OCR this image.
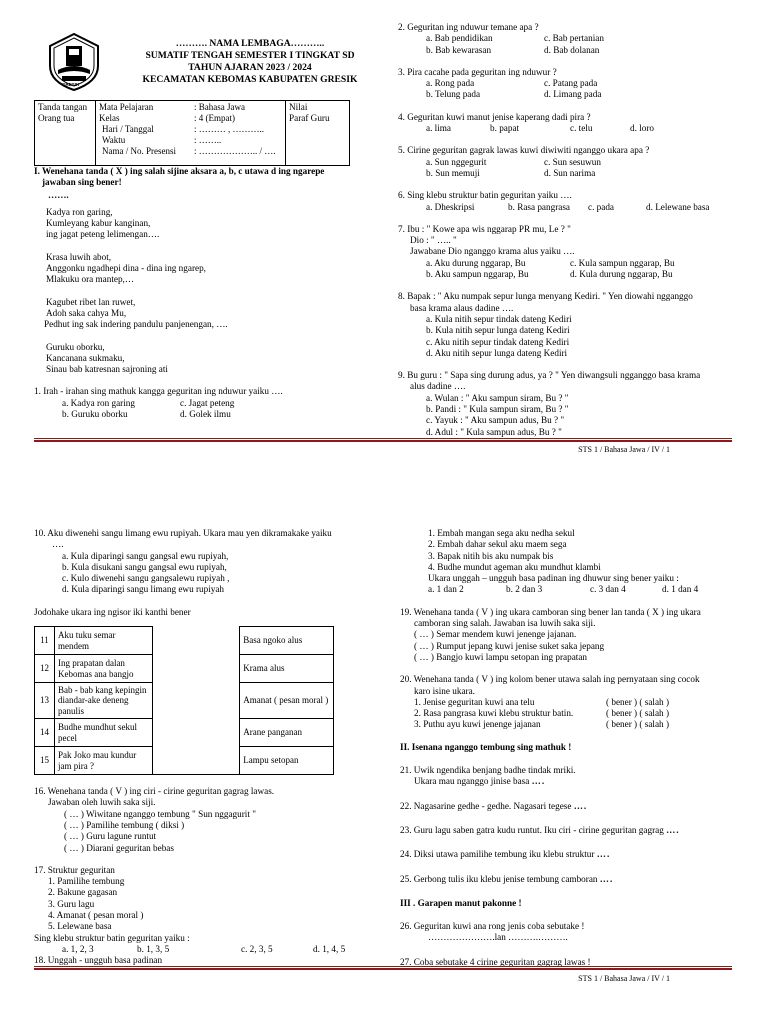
GRESIK
………. NAMA LEMBAGA………..
SUMATIF TENGAH SEMESTER I TINGKAT SD
TAHUN AJARAN 2023 / 2024
KECAMATAN KEBOMAS KABUPATEN GRESIK
Tanda tangan
Orang tua
Mata Pelajaran	: Bahasa Jawa
Kelas	: 4 (Empat)
Hari / Tanggal	: ……… , ………..
Waktu	: ……..
Nama / No. Presensi	: ……………….. / ….
Nilai
Paraf Guru
I. Wenehana tanda ( X ) ing salah sijine aksara a, b, c utawa d ing ngarepe
jawaban sing bener!
…….
Kadya ron garing,
Kumleyang kabur kanginan,
ing jagat peteng lelimengan….
Krasa luwih abot,
Anggonku ngadhepi dina - dina ing ngarep,
Mlakuku ora mantep,…
Kagubet ribet lan ruwet,
Adoh saka cahya Mu,
Pedhut ing sak indering pandulu panjenengan, ….
Guruku oborku,
Kancanana sukmaku,
Sinau bab katresnan sajroning ati
1. Irah - irahan sing mathuk kangga geguritan ing nduwur yaiku ….
a. Kadya ron garing	c. Jagat peteng
b. Guruku oborku	d. Golek ilmu
2. Geguritan ing nduwur temane apa ?
a. Bab pendidikan	c. Bab pertanian
b. Bab kewarasan	d. Bab dolanan
3. Pira cacahe pada geguritan ing nduwur ?
a. Rong pada	c. Patang pada
b. Telung pada	d. Limang pada
4. Geguritan kuwi manut jenise kaperang dadi pira ?
a. lima	b. papat	c. telu	d. loro
5. Cirine geguritan gagrak lawas kuwi diwiwiti nganggo ukara apa ?
a. Sun nggegurit	c. Sun sesuwun
b. Sun memuji	d. Sun narima
6. Sing klebu struktur batin geguritan yaiku ….
a. Dheskripsi	b. Rasa pangrasa	c. pada	d. Lelewane basa
7. Ibu : " Kowe apa wis nggarap PR mu, Le ? "
Dio : " ….. "
Jawabane Dio nganggo krama alus yaiku ….
a. Aku durung nggarap, Bu	c. Kula sampun nggarap, Bu
b. Aku sampun nggarap, Bu	d. Kula durung nggarap, Bu
8. Bapak : " Aku numpak sepur lunga menyang Kediri. " Yen diowahi ngganggo
basa krama alaus dadine ….
a. Kula nitih sepur tindak dateng Kediri
b. Kula nitih sepur lunga dateng Kediri
c. Aku nitih sepur tindak dateng Kediri
d. Aku nitih sepur lunga dateng Kediri
9. Bu guru : " Sapa sing durung adus, ya ? " Yen diwangsuli ngganggo basa krama
alus dadine ….
a. Wulan : " Aku sampun siram, Bu ? "
b. Pandi : " Kula sampun siram, Bu ? "
c. Yayuk : " Aku sampun adus, Bu ? "
d. Adul : " Kula sampun adus, Bu ? "
STS 1 / Bahasa Jawa / IV / 1
10. Aku diwenehi sangu limang ewu rupiyah. Ukara mau yen dikramakake yaiku
….
a. Kula diparingi sangu gangsal ewu rupiyah,
b. Kula disukani sangu gangsal ewu rupiyah,
c. Kulo diwenehi sangu gangsalewu rupiyah ,
d. Kula diparingi sangu limang ewu rupiyah
Jodohake ukara ing ngisor iki kanthi bener
11	Aku tuku semar mendem		Basa ngoko alus
12	Ing prapatan dalan Kebomas ana bangjo		Krama alus
13	Bab - bab kang kepingin diandar-ake deneng panulis		Amanat ( pesan moral )
14	Budhe mundhut sekul pecel		Arane panganan
15	Pak Joko mau kundur jam pira ?		Lampu setopan
16. Wenehana tanda ( V ) ing ciri - cirine geguritan gagrag lawas.
Jawaban oleh luwih saka siji.
( … ) Wiwitane nganggo tembung " Sun nggagurit "
( … ) Pamilihe tembung ( diksi )
( … ) Guru lagune runtut
( … ) Diarani geguritan bebas
17. Struktur geguritan
1. Pamilihe tembung
2. Bakune gagasan
3. Guru lagu
4. Amanat ( pesan moral )
5. Lelewane basa
Sing klebu struktur batin geguritan yaiku :
a. 1, 2, 3	b. 1, 3, 5	c. 2, 3, 5	d. 1, 4, 5
18. Unggah - ungguh basa padinan
1. Embah mangan sega aku nedha sekul
2. Embah dahar sekul aku maem sega
3. Bapak nitih bis aku numpak bis
4. Budhe mundut ageman aku mundhut klambi
Ukara unggah – ungguh basa padinan ing dhuwur sing bener yaiku :
a. 1 dan 2	b. 2 dan 3	c. 3 dan 4	d. 1 dan 4
19. Wenehana tanda ( V ) ing ukara camboran sing bener lan tanda ( X ) ing ukara
camboran sing salah. Jawaban isa luwih saka siji.
( … ) Semar mendem kuwi jenenge jajanan.
( … ) Rumput jepang kuwi jenise suket saka jepang
( … ) Bangjo kuwi lampu setopan ing prapatan
20. Wenehana tanda ( V ) ing kolom bener utawa salah ing pernyataan sing cocok
karo isine ukara.
1. Jenise geguritan kuwi ana telu	( bener ) ( salah )
2. Rasa pangrasa kuwi klebu struktur batin.	( bener ) ( salah )
3. Puthu ayu kuwi jenenge jajanan	( bener ) ( salah )
II. Isenana nganggo tembung sing mathuk !
21. Uwik ngendika benjang badhe tindak mriki.
Ukara mau nganggo jinise basa ….
22. Nagasarine gedhe - gedhe. Nagasari tegese ….
23. Guru lagu saben gatra kudu runtut. Iku ciri - cirine geguritan gagrag ….
24. Diksi utawa pamilihe tembung iku klebu struktur ….
25. Gerbong tulis iku klebu jenise tembung camboran ….
III . Garapen manut pakonne !
26. Geguritan kuwi ana rong jenis coba sebutake !
………………….lan ……….……….
27. Coba sebutake 4 cirine geguritan gagrag lawas !
STS 1 / Bahasa Jawa / IV / 1
